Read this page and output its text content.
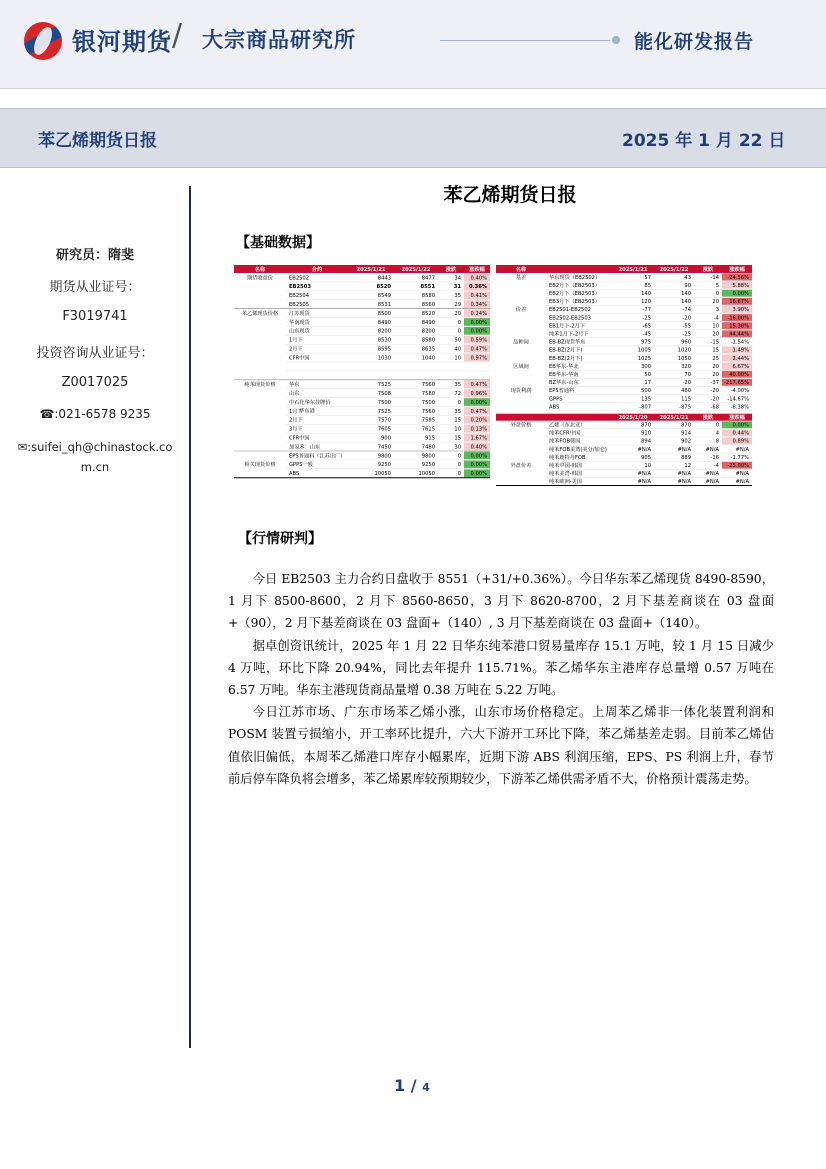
银河期货 / 大宗商品研究所	能化研发报告
苯乙烯期货日报	2025 年 1 月 22 日
研究员：隋斐
期货从业证号：
F3019741
投资咨询从业证号：
Z0017025
☎:021-6578 9235
✉:suifei_qh@chinastock.co
m.cn
苯乙烯期货日报
【基础数据】
名称	合约	2025/1/21	2025/1/22	涨跌	涨跌幅
EB2502	8443	8477	34 0.40%
期货收盘价
EB2503	8520	8551	31 0.36%
EB2504	8549	8580	35 0.41%
EB2505	8531	8560	29 0.34%
江苏现货	8500	8520	20 0.24%
苯乙烯现货价格
华南现货	8490	8490	0 0.00%
山东现货	8200	8200	0 0.00%
1月下	8530	8580	50 0.59%
2月下	8595	8635	40 0.47%
CFR中国	1030	1040	10 0.97%
华东	7525	7560	35 0.47%
纯苯现货价格
山东	7508	7580	72 0.96%
中石化华东挂牌价	7500	7500	0 0.00%
1月下	7525	7560	35 0.47%
2月下	7570	7585	15 0.20%
3月下	7605	7615	10 0.13%
CFR中国	900	915	15 1.67%
加氢苯：山东	7450	7480	30 0.40%
EPS普通料（江苏出厂）	9800	9800	0 0.00%
GPPS一般	9250	9250	0 0.00%
相关现货价格
ABS	10050	10050	0 0.00%
华东港
名称	2025/1/21 2025/1/22	涨跌	涨跌幅
华东现货（EB2502）	57	43	-14 -24.56%
基差
EB2月下（EB2503）	85	90	5	5.88%
EB2月下（EB2503）	140	140	0	0.00%
EB3月下（EB2503）	120	140	20 16.67%
EB2501-EB2502	-77	-74	3	3.90%
价差
EB2502-EB2503	-25	-20	-4 -16.00%
EB1月下-2月下	-65	-55	10 15.38%
纯苯1月下-2月下	-45	-25	20 44.44%
EB-BZ现货华东	975	960	-15 -1.54%
品种间
EB-BZ(2月下)	1005	1020	15	1.49%
EB-BZ(2月下)	1025	1050	25	2.44%
EB华东-华北	300	320	20	6.67%
区域间
EB华东-华南	50	70	20 40.00%
BZ华东-山东	17	-20	-37 -217.65%
EPS普通料	500	480	-20 -4.00%
现货利润
GPPS	135	115	-20 -14.67%
ABS	-807	-875	-68 -8.38%
2025/1/20 2025/1/21	涨跌	涨跌幅
乙烯（东北亚）	870	870	0	0.00%
外盘价格
纯苯CFR中国	910	914	4	0.44%
纯苯FOB韩国	894	902	8	0.89%
纯苯FOB美湾(美分/加仑)	#N/A	#N/A	#N/A	#N/A
纯苯鹿特丹FOB	905	889	-16 -1.77%
纯苯中国-韩国	10	12	-4 -25.00%
外盘价差
纯苯美湾-韩国	#N/A	#N/A	#N/A	#N/A
纯苯欧洲-美国	#N/A	#N/A	#N/A	#N/A
【行情研判】

今日 EB2503 主力合约日盘收于 8551（+31/+0.36%）。今日华东苯乙烯现货 8490-8590，1 月下 8500-8600，2 月下 8560-8650，3 月下 8620-8700，2 月下基差商谈在 03 盘面+（90），2 月下基差商谈在 03 盘面+（140）, 3 月下基差商谈在 03 盘面+（140）。

据卓创资讯统计，2025 年 1 月 22 日华东纯苯港口贸易量库存 15.1 万吨，较 1 月 15 日减少 4 万吨，环比下降 20.94%，同比去年提升 115.71%。苯乙烯华东主港库存总量增 0.57 万吨在 6.57 万吨。华东主港现货商品量增 0.38 万吨在 5.22 万吨。

今日江苏市场、广东市场苯乙烯小涨，山东市场价格稳定。上周苯乙烯非一体化装置利润和 POSM 装置亏损缩小，开工率环比提升，六大下游开工环比下降，苯乙烯基差走弱。目前苯乙烯估值依旧偏低，本周苯乙烯港口库存小幅累库，近期下游 ABS 利润压缩，EPS、PS 利润上升，春节前后停车降负将会增多，苯乙烯累库较预期较少，下游苯乙烯供需矛盾不大，价格预计震荡走势。

1 / 4
